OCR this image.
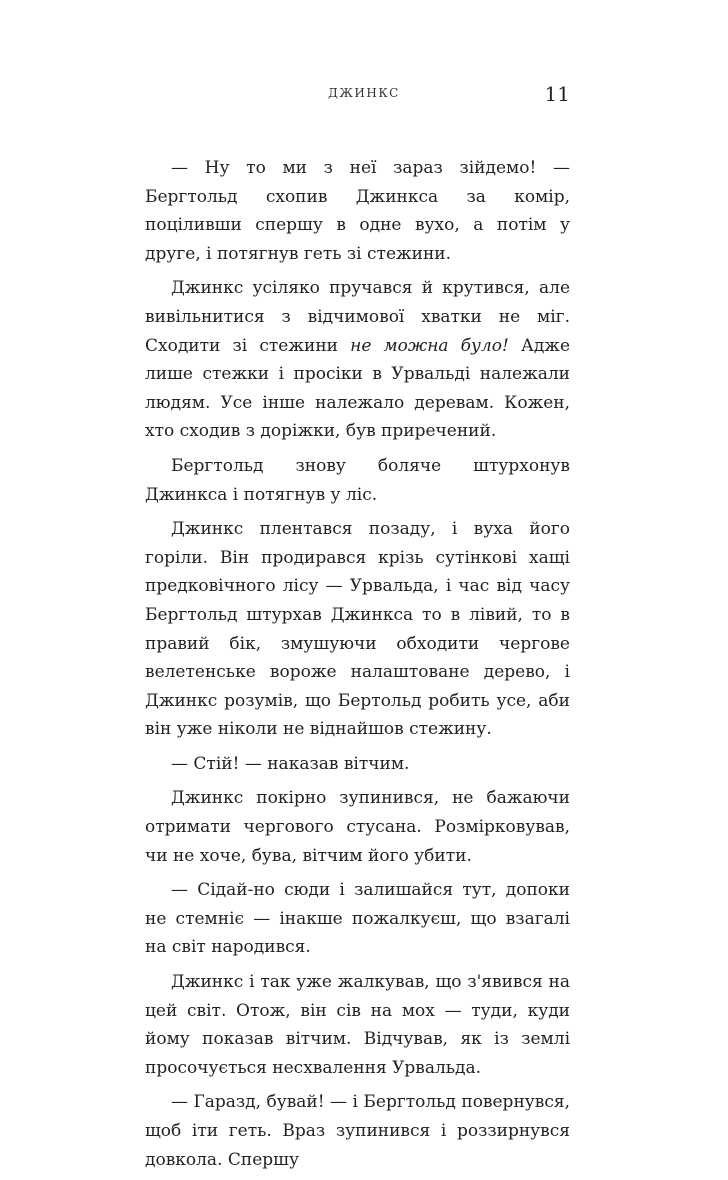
ДЖИНКС	11

— Ну то ми з неї зараз зійдемо! — Бергтольд схопив Джинкса за комір, поціливши спершу в одне вухо, а потім у друге, і потягнув геть зі стежини.

Джинкс усіляко пручався й крутився, але вивільнитися з відчимової хватки не міг. Сходити зі стежини не можна було! Адже лише стежки і просіки в Урвальді належали людям. Усе інше належало деревам. Кожен, хто сходив з доріжки, був приречений.

Бергтольд знову боляче штурхонув Джинкса і потягнув у ліс.

Джинкс плентався позаду, і вуха його горіли. Він продирався крізь сутінкові хащі предковічного лісу — Урвальда, і час від часу Бергтольд штурхав Джинкса то в лівий, то в правий бік, змушуючи обходити чергове велетенське вороже налаштоване дерево, і Джинкс розумів, що Бертольд робить усе, аби він уже ніколи не віднайшов стежину.

— Стій! — наказав вітчим.

Джинкс покірно зупинився, не бажаючи отримати чергового стусана. Розмірковував, чи не хоче, бува, вітчим його убити.

— Сідай-но сюди і залишайся тут, допоки не стемніє — інакше пожалкуєш, що взагалі на світ народився.

Джинкс і так уже жалкував, що з'явився на цей світ. Отож, він сів на мох — туди, куди йому показав вітчим. Відчував, як із землі просочується несхвалення Урвальда.

— Гаразд, бувай! — і Бергтольд повернувся, щоб іти геть. Враз зупинився і роззирнувся довкола. Спершу
